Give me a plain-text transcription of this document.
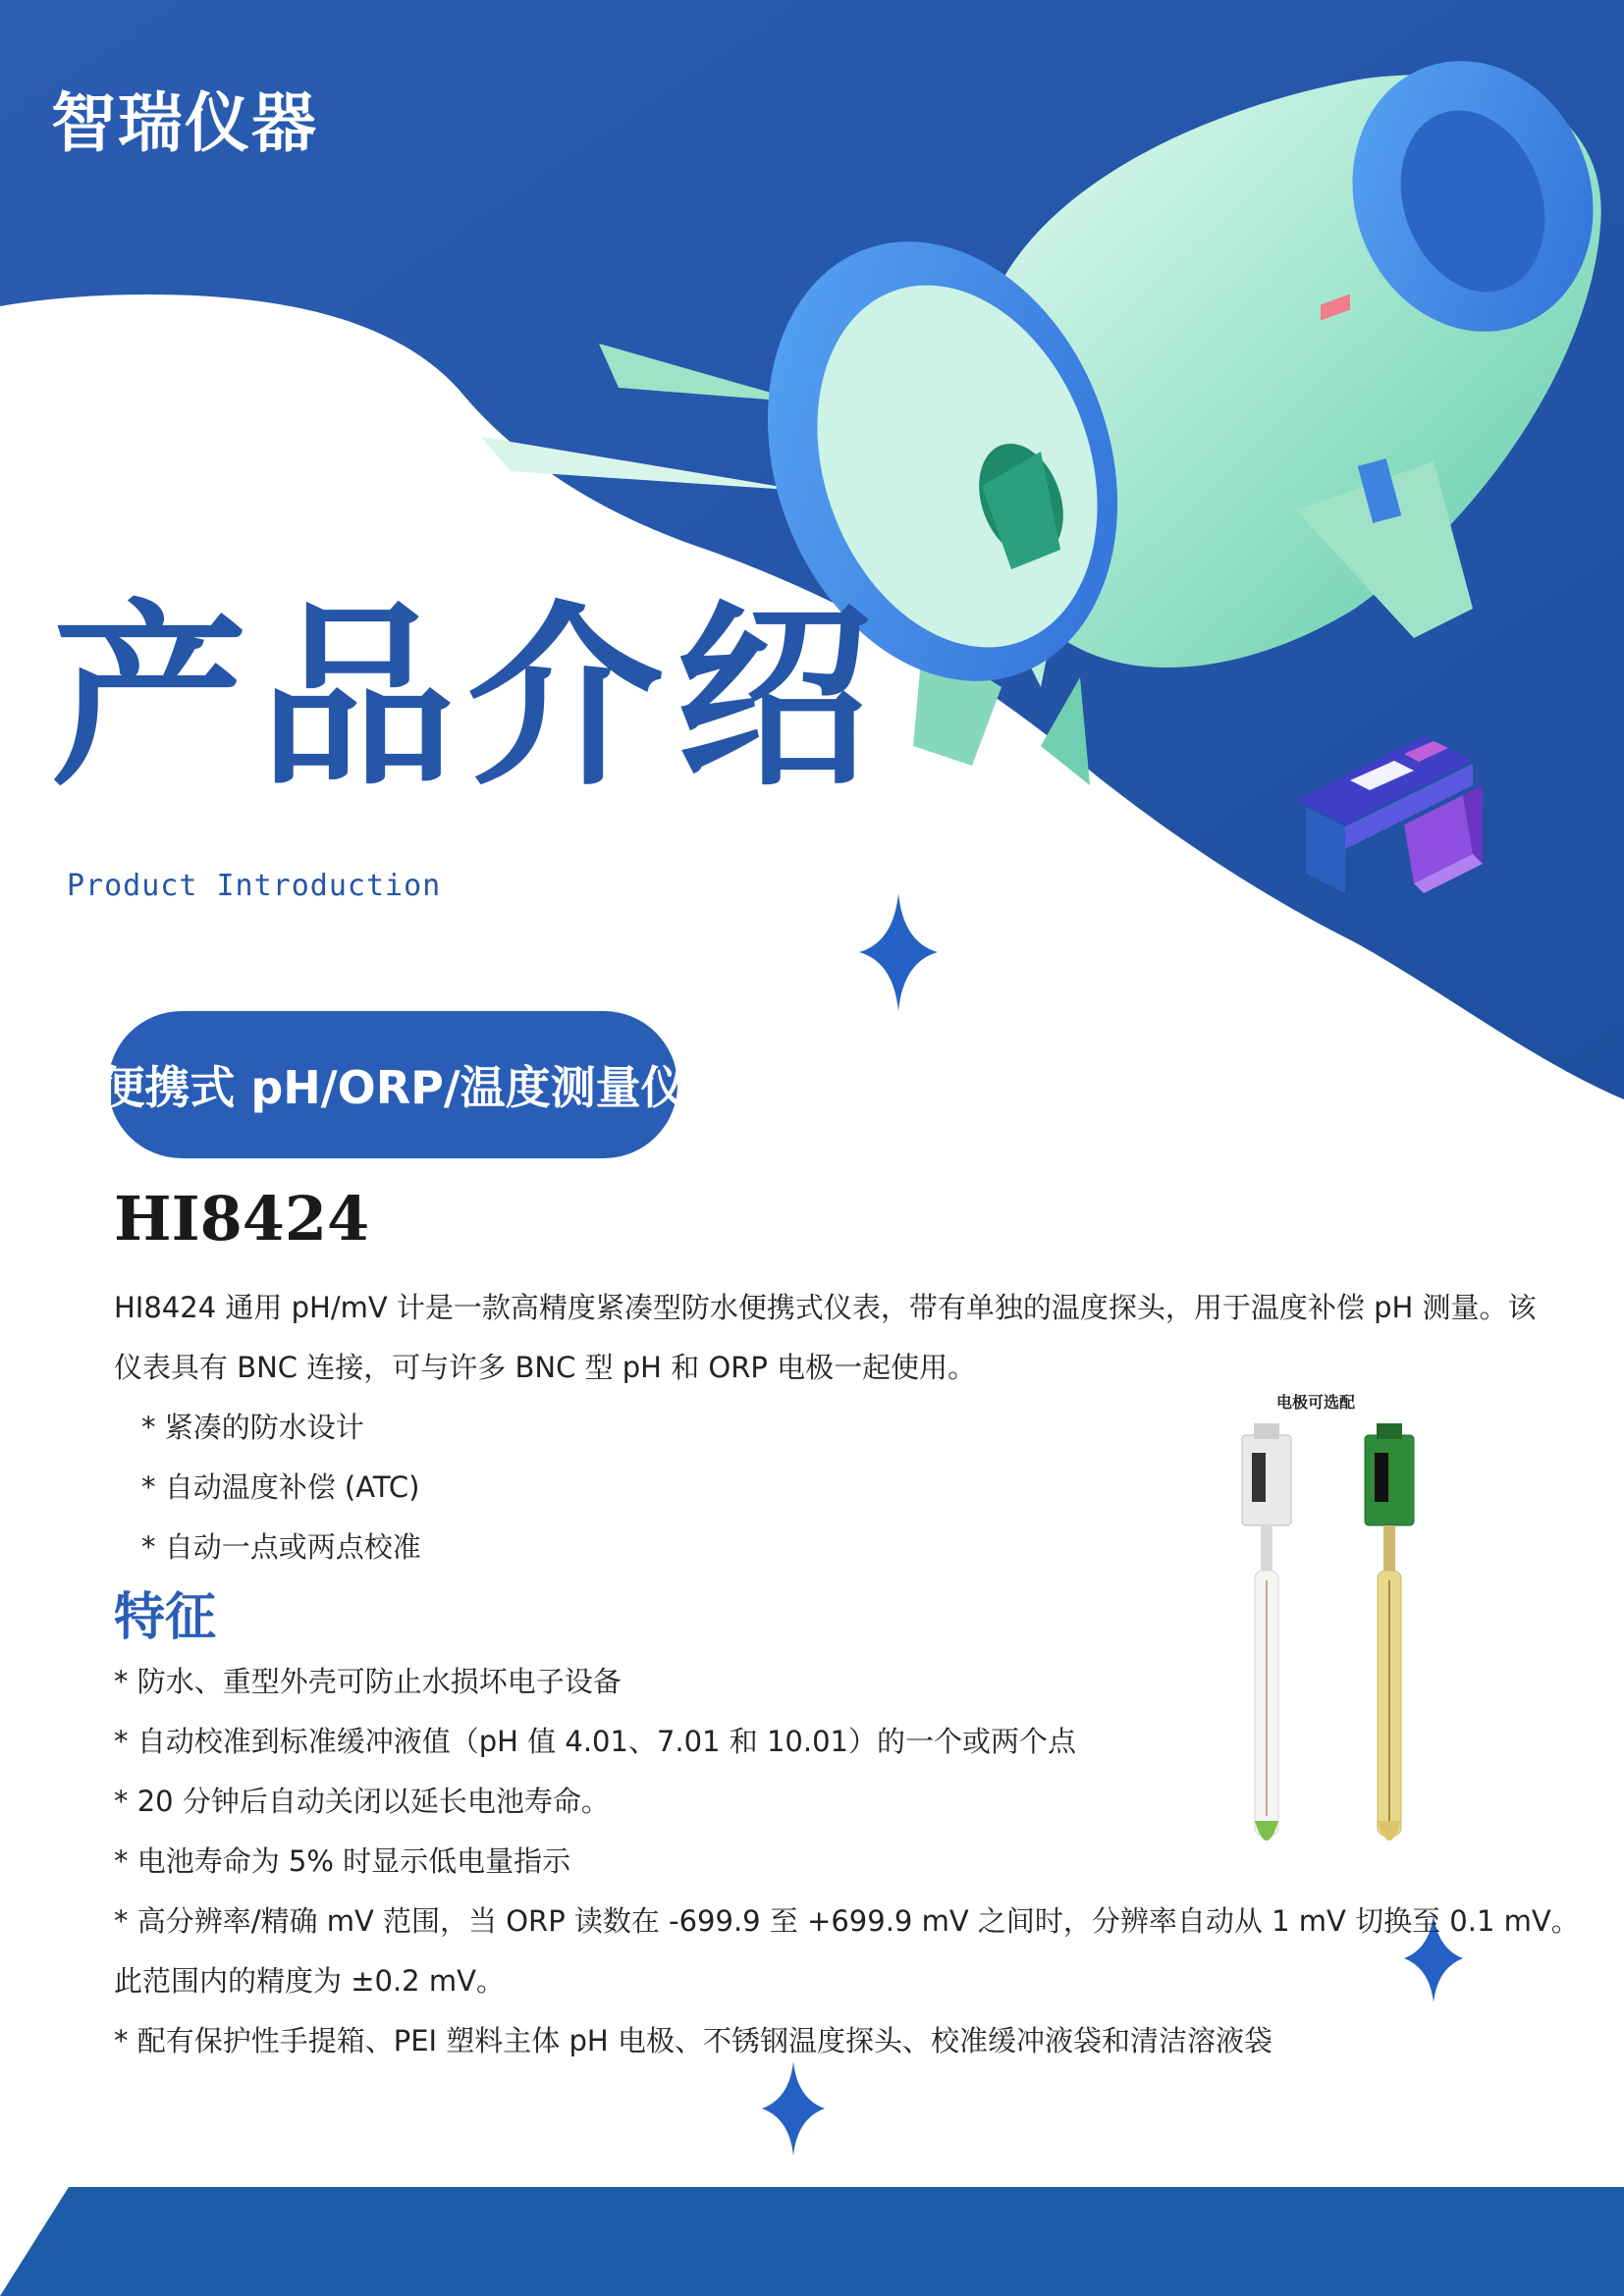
智瑞仪器
产品介绍
Product Introduction
便携式 pH/ORP/温度测量仪
HI8424
HI8424 通用 pH/mV 计是一款高精度紧凑型防水便携式仪表，带有单独的温度探头，用于温度补偿 pH 测量。该
仪表具有 BNC 连接，可与许多 BNC 型 pH 和 ORP 电极一起使用。
* 紧凑的防水设计
* 自动温度补偿 (ATC)
* 自动一点或两点校准
电极可选配
特征
* 防水、重型外壳可防止水损坏电子设备
* 自动校准到标准缓冲液值（pH 值 4.01、7.01 和 10.01）的一个或两个点
* 20 分钟后自动关闭以延长电池寿命。
* 电池寿命为 5% 时显示低电量指示
* 高分辨率/精确 mV 范围，当 ORP 读数在 -699.9 至 +699.9 mV 之间时，分辨率自动从 1 mV 切换至 0.1 mV。
此范围内的精度为 ±0.2 mV。
* 配有保护性手提箱、PEI 塑料主体 pH 电极、不锈钢温度探头、校准缓冲液袋和清洁溶液袋
